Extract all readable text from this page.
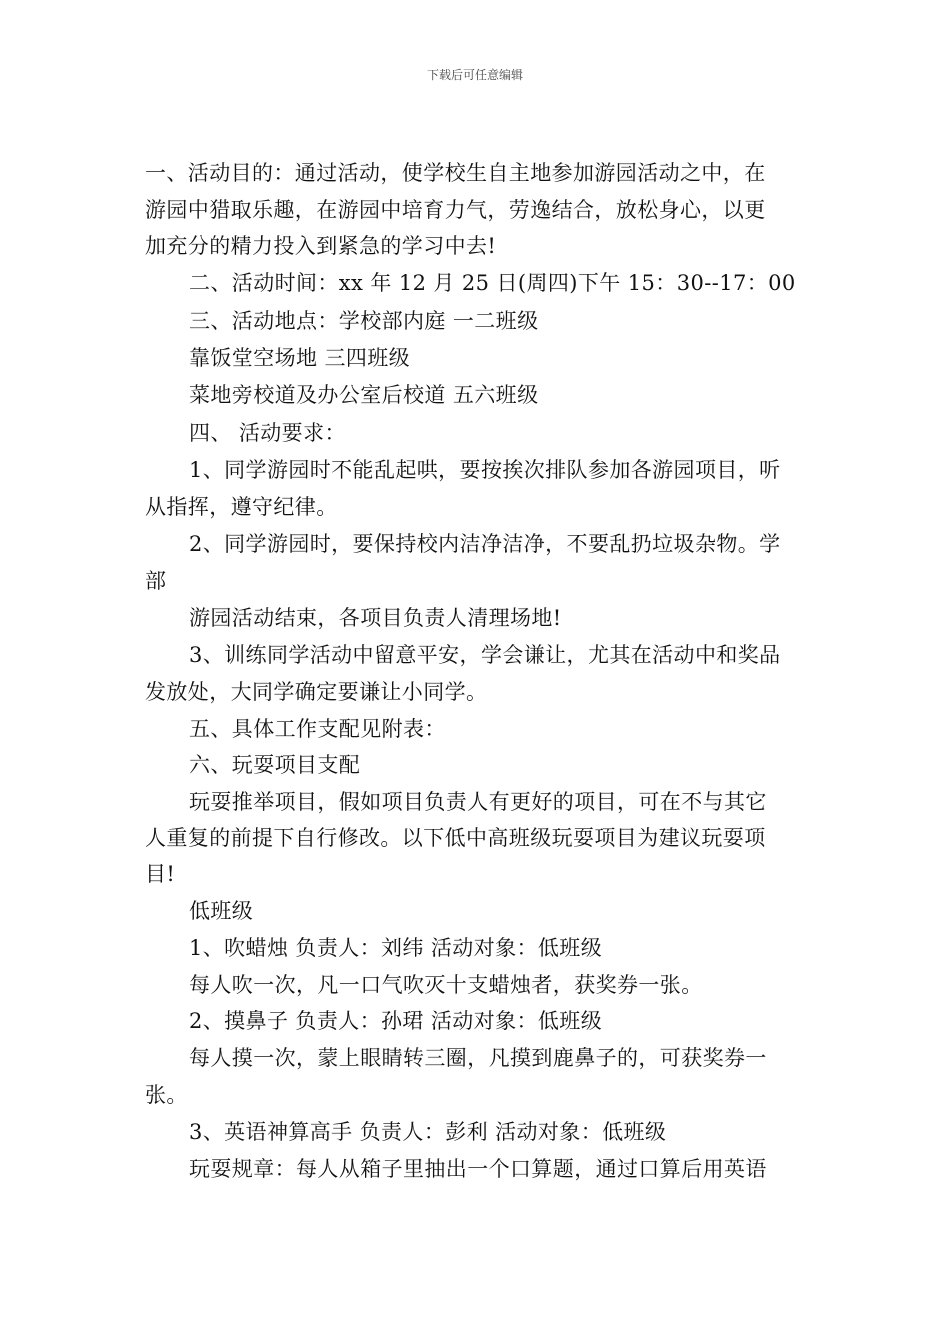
下载后可任意编辑
一、活动目的：通过活动，使学校生自主地参加游园活动之中，在
游园中猎取乐趣，在游园中培育力气，劳逸结合，放松身心，以更
加充分的精力投入到紧急的学习中去!
二、活动时间：xx 年 12 月 25 日(周四)下午 15：30--17：00
三、活动地点：学校部内庭 一二班级
靠饭堂空场地 三四班级
菜地旁校道及办公室后校道 五六班级
四、 活动要求：
1、同学游园时不能乱起哄，要按挨次排队参加各游园项目，听
从指挥，遵守纪律。
2、同学游园时，要保持校内洁净洁净，不要乱扔垃圾杂物。学
部
游园活动结束，各项目负责人清理场地!
3、训练同学活动中留意平安，学会谦让，尤其在活动中和奖品
发放处，大同学确定要谦让小同学。
五、具体工作支配见附表：
六、玩耍项目支配
玩耍推举项目，假如项目负责人有更好的项目，可在不与其它
人重复的前提下自行修改。以下低中高班级玩耍项目为建议玩耍项
目!
低班级
1、吹蜡烛 负责人：刘纬 活动对象：低班级
每人吹一次，凡一口气吹灭十支蜡烛者，获奖券一张。
2、摸鼻子 负责人：孙珺 活动对象：低班级
每人摸一次，蒙上眼睛转三圈，凡摸到鹿鼻子的，可获奖券一
张。
3、英语神算高手 负责人：彭利 活动对象：低班级
玩耍规章：每人从箱子里抽出一个口算题，通过口算后用英语
